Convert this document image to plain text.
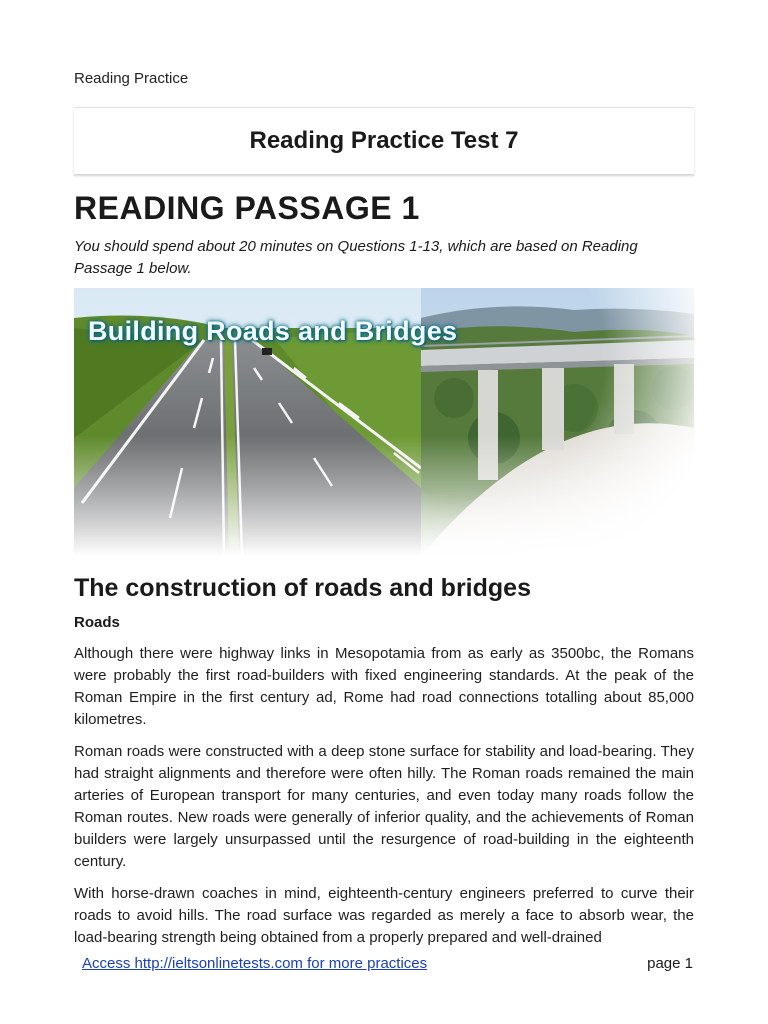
Reading Practice
Reading Practice Test 7
READING PASSAGE 1

You should spend about 20 minutes on Questions 1-13, which are based on Reading Passage 1 below.

Building Roads and Bridges
The construction of roads and bridges
Roads

Although there were highway links in Mesopotamia from as early as 3500bc, the Romans were probably the first road-builders with fixed engineering standards. At the peak of the Roman Empire in the first century ad, Rome had road connections totalling about 85,000 kilometres.

Roman roads were constructed with a deep stone surface for stability and load-bearing. They had straight alignments and therefore were often hilly. The Roman roads remained the main arteries of European transport for many centuries, and even today many roads follow the Roman routes. New roads were generally of inferior quality, and the achievements of Roman builders were largely unsurpassed until the resurgence of road-building in the eighteenth century.

With horse-drawn coaches in mind, eighteenth-century engineers preferred to curve their roads to avoid hills. The road surface was regarded as merely a face to absorb wear, the load-bearing strength being obtained from a properly prepared and well-drained

Access http://ieltsonlinetests.com for more practices	page 1
